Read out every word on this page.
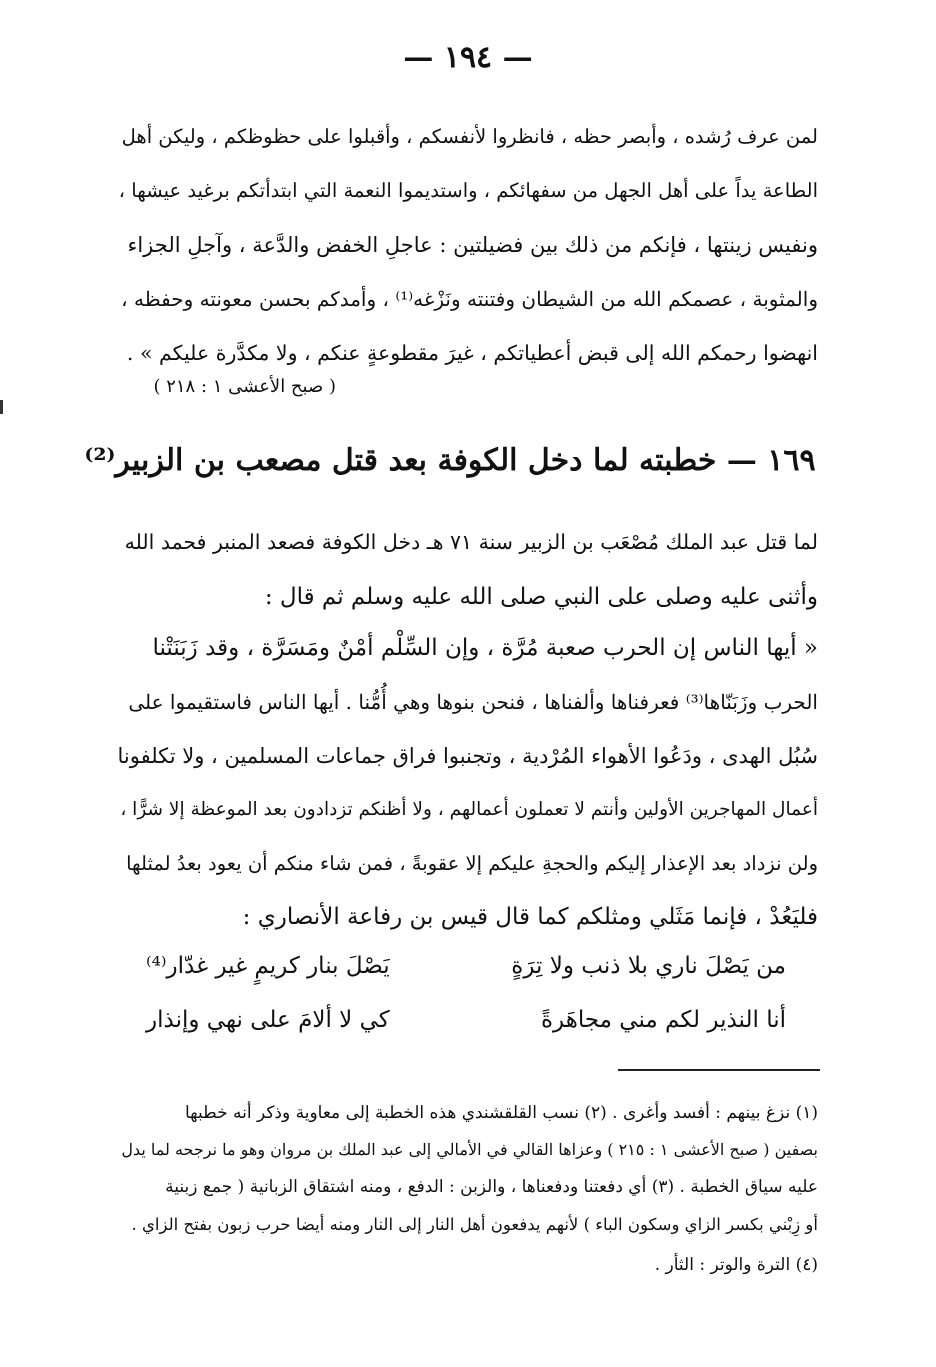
— ١٩٤ —
لمن عرف رُشده ، وأبصر حظه ، فانظروا لأنفسكم ، وأقبلوا على حظوظكم ، وليكن أهل
الطاعة يداً على أهل الجهل من سفهائكم ، واستديموا النعمة التي ابتدأتكم برغيد عيشها ،
ونفيس زينتها ، فإنكم من ذلك بين فضيلتين : عاجلِ الخفض والدَّعة ، وآجلِ الجزاء
والمثوبة ، عصمكم الله من الشيطان وفتنته ونَزْغه⁽¹⁾ ، وأمدكم بحسن معونته وحفظه ،
انهضوا رحمكم الله إلى قبض أعطياتكم ، غيرَ مقطوعةٍ عنكم ، ولا مكدَّرة عليكم » .
( صبح الأعشى ١ : ٢١٨ )
١٦٩ — خطبته لما دخل الكوفة بعد قتل مصعب بن الزبير⁽²⁾
لما قتل عبد الملك مُصْعَب بن الزبير سنة ٧١ هـ دخل الكوفة فصعد المنبر فحمد الله
وأثنى عليه وصلى على النبي صلى الله عليه وسلم ثم قال :
« أيها الناس إن الحرب صعبة مُرَّة ، وإن السِّلْم أمْنٌ ومَسَرَّة ، وقد زَبَنَتْنا
الحرب وزَبَنّاها⁽³⁾ فعرفناها وألفناها ، فنحن بنوها وهي أُمُّنا . أيها الناس فاستقيموا على
سُبُل الهدى ، ودَعُوا الأهواء المُرْدية ، وتجنبوا فراق جماعات المسلمين ، ولا تكلفونا
أعمال المهاجرين الأولين وأنتم لا تعملون أعمالهم ، ولا أظنكم تزدادون بعد الموعظة إلا شرًّا ،
ولن نزداد بعد الإعذار إليكم والحجةِ عليكم إلا عقوبةً ، فمن شاء منكم أن يعود بعدُ لمثلها
فليَعُدْ ، فإنما مَثَلي ومثلكم كما قال قيس بن رفاعة الأنصاري :
من يَصْلَ ناري بلا ذنب ولا تِرَةٍ
يَصْلَ بنار كريمٍ غير غدّار⁽⁴⁾
أنا النذير لكم مني مجاهَرةً
كي لا ألامَ على نهي وإنذار
(١) نزغ بينهم : أفسد وأغرى . (٢) نسب القلقشندي هذه الخطبة إلى معاوية وذكر أنه خطبها
بصفين ( صبح الأعشى ١ : ٢١٥ ) وعزاها القالي في الأمالي إلى عبد الملك بن مروان وهو ما نرجحه لما يدل
عليه سياق الخطبة . (٣) أي دفعتنا ودفعناها ، والزبن : الدفع ، ومنه اشتقاق الزبانية ( جمع زبنية
أو زِبْني بكسر الزاي وسكون الباء ) لأنهم يدفعون أهل النار إلى النار ومنه أيضا حرب زبون بفتح الزاي .
(٤) الترة والوتر : الثأر .
